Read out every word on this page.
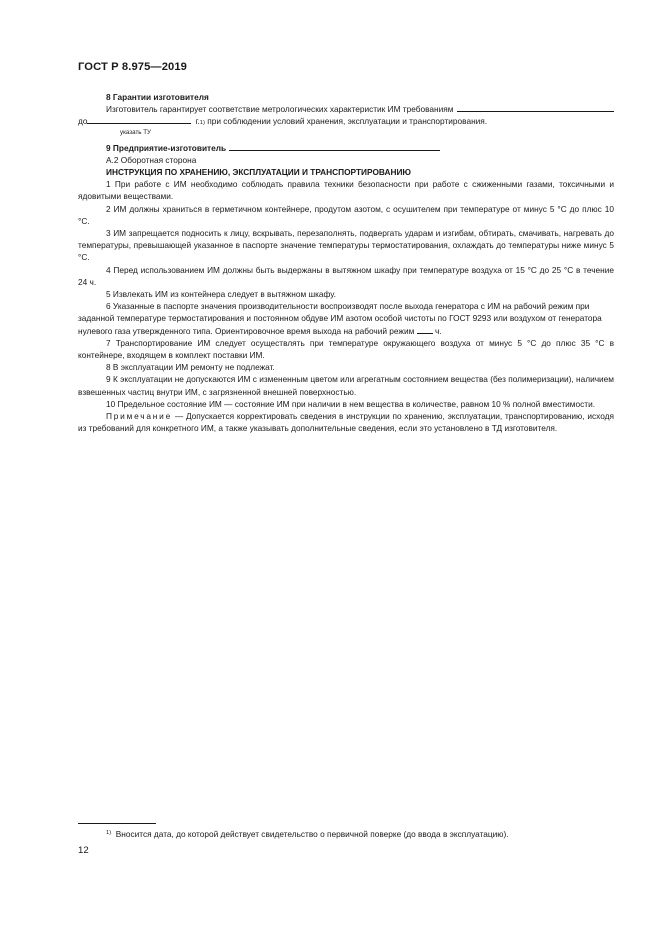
ГОСТ Р 8.975—2019

8 Гарантии изготовителя

Изготовитель гарантирует соответствие метрологических характеристик ИМ требованиям

до	г. 1) при соблюдении условий хранения, эксплуатации и транспортирования.

указать ТУ

9 Предприятие-изготовитель

А.2 Оборотная сторона

ИНСТРУКЦИЯ ПО ХРАНЕНИЮ, ЭКСПЛУАТАЦИИ И ТРАНСПОРТИРОВАНИЮ

1 При работе с ИМ необходимо соблюдать правила техники безопасности при работе с сжиженными газами, токсичными и ядовитыми веществами.

2 ИМ должны храниться в герметичном контейнере, продутом азотом, с осушителем при температуре от минус 5 °С до плюс 10 °С.

3 ИМ запрещается подносить к лицу, вскрывать, перезаполнять, подвергать ударам и изгибам, обтирать, смачивать, нагревать до температуры, превышающей указанное в паспорте значение температуры термостатирования, охлаждать до температуры ниже минус 5 °С.

4 Перед использованием ИМ должны быть выдержаны в вытяжном шкафу при температуре воздуха от 15 °С до 25 °С в течение 24 ч.

5 Извлекать ИМ из контейнера следует в вытяжном шкафу.

6 Указанные в паспорте значения производительности воспроизводят после выхода генератора с ИМ на рабочий режим при заданной температуре термостатирования и постоянном обдуве ИМ азотом особой чистоты по ГОСТ 9293 или воздухом от генератора нулевого газа утвержденного типа. Ориентировочное время выхода на рабочий режим ч.

7 Транспортирование ИМ следует осуществлять при температуре окружающего воздуха от минус 5 °С до плюс 35 °С в контейнере, входящем в комплект поставки ИМ.

8 В эксплуатации ИМ ремонту не подлежат.

9 К эксплуатации не допускаются ИМ с измененным цветом или агрегатным состоянием вещества (без полимеризации), наличием взвешенных частиц внутри ИМ, с загрязненной внешней поверхностью.

10 Предельное состояние ИМ — состояние ИМ при наличии в нем вещества в количестве, равном 10 % полной вместимости.

Примечание — Допускается корректировать сведения в инструкции по хранению, эксплуатации, транспортированию, исходя из требований для конкретного ИМ, а также указывать дополнительные сведения, если это установлено в ТД изготовителя.

$^{1)}$  Вносится дата, до которой действует свидетельство о первичной поверке (до ввода в эксплуатацию).
12
